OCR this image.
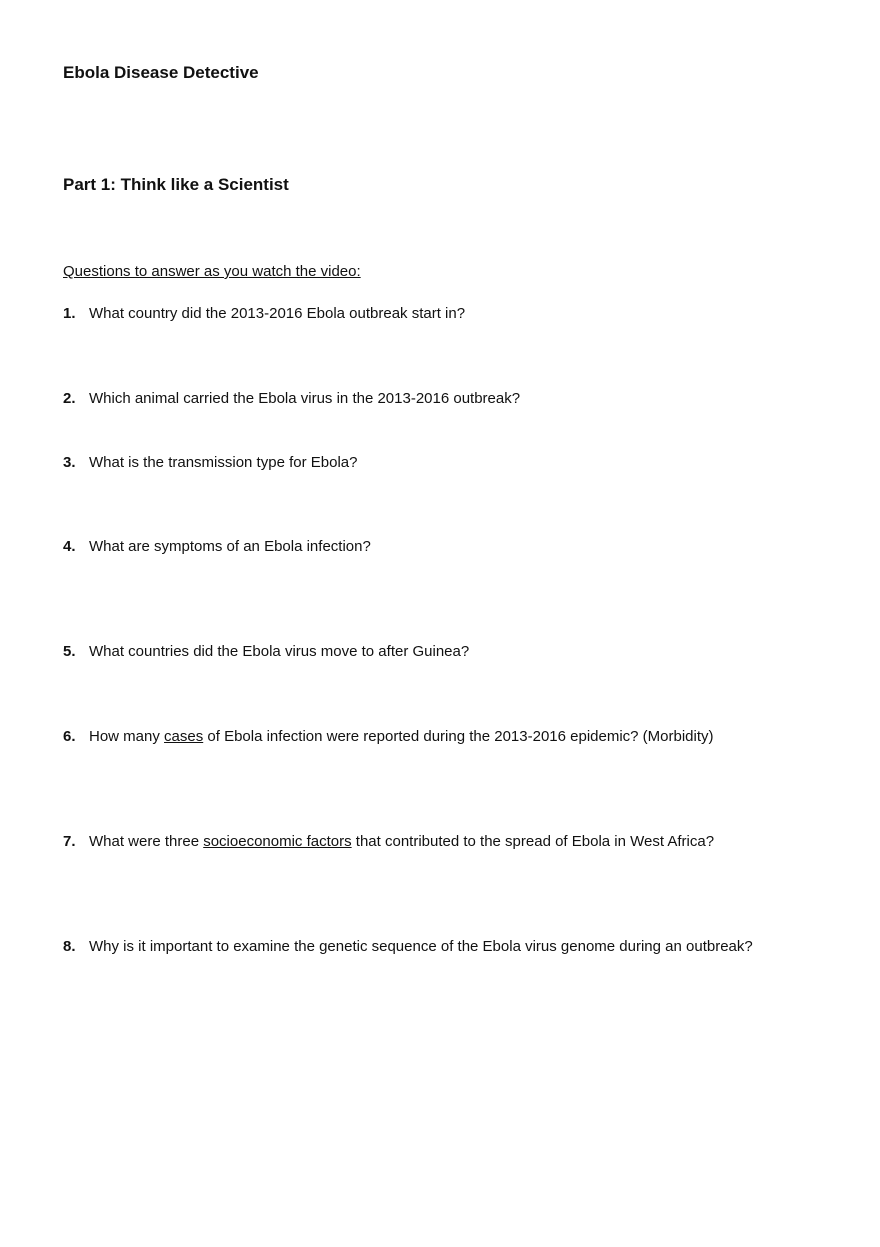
Ebola Disease Detective
Part 1: Think like a Scientist

Questions to answer as you watch the video:

1. What country did the 2013-2016 Ebola outbreak start in?
2. Which animal carried the Ebola virus in the 2013-2016 outbreak?
3. What is the transmission type for Ebola?
4. What are symptoms of an Ebola infection?
5. What countries did the Ebola virus move to after Guinea?
6. How many cases of Ebola infection were reported during the 2013-2016 epidemic? (Morbidity)
7. What were three socioeconomic factors that contributed to the spread of Ebola in West Africa?
8. Why is it important to examine the genetic sequence of the Ebola virus genome during an outbreak?
